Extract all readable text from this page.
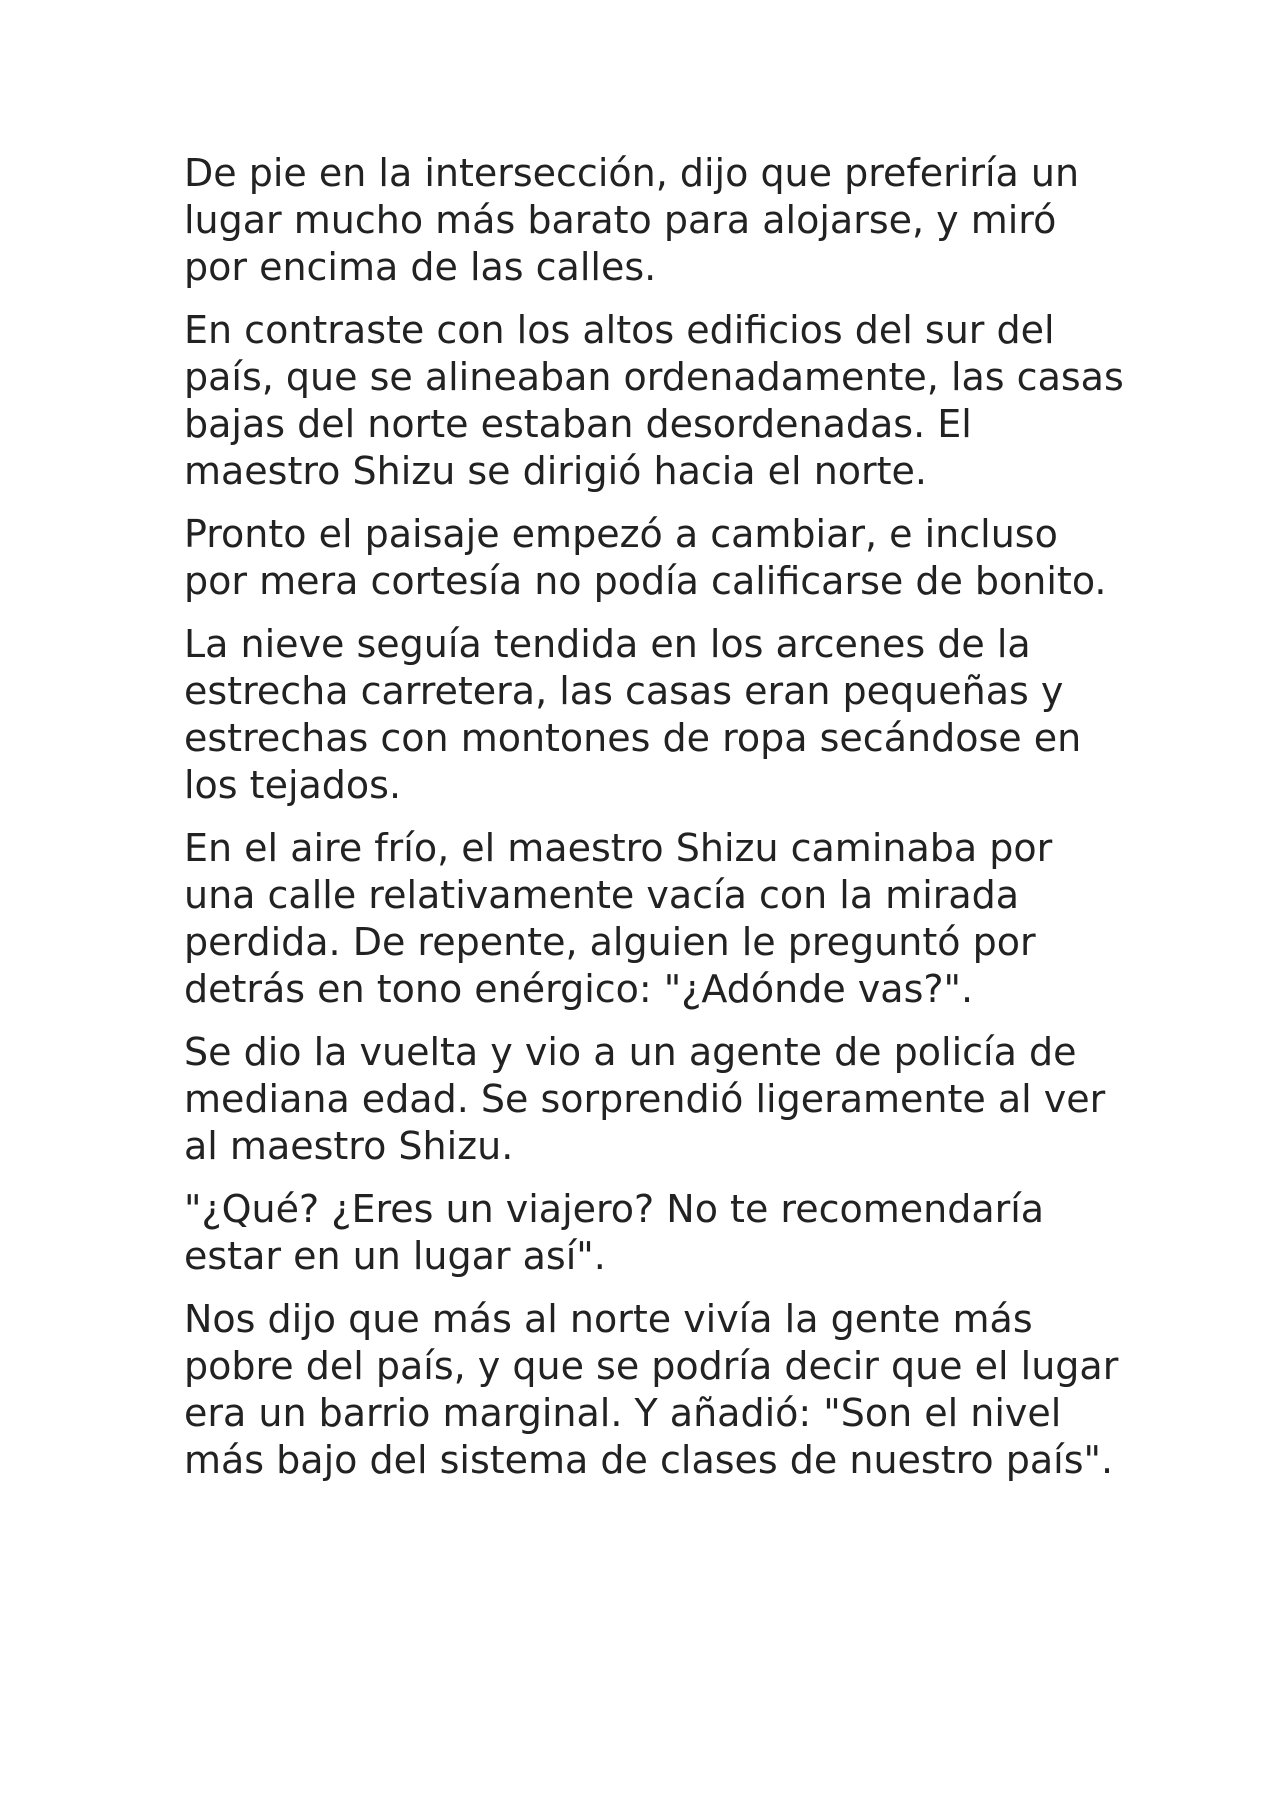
De pie en la intersección, dijo que preferiría un lugar mucho más barato para alojarse, y miró por encima de las calles.

En contraste con los altos edificios del sur del país, que se alineaban ordenadamente, las casas bajas del norte estaban desordenadas. El maestro Shizu se dirigió hacia el norte.

Pronto el paisaje empezó a cambiar, e incluso por mera cortesía no podía calificarse de bonito.

La nieve seguía tendida en los arcenes de la estrecha carretera, las casas eran pequeñas y estrechas con montones de ropa secándose en los tejados.

En el aire frío, el maestro Shizu caminaba por una calle relativamente vacía con la mirada perdida. De repente, alguien le preguntó por detrás en tono enérgico: "¿Adónde vas?".

Se dio la vuelta y vio a un agente de policía de mediana edad. Se sorprendió ligeramente al ver al maestro Shizu.

"¿Qué? ¿Eres un viajero? No te recomendaría estar en un lugar así".

Nos dijo que más al norte vivía la gente más pobre del país, y que se podría decir que el lugar era un barrio marginal. Y añadió: "Son el nivel más bajo del sistema de clases de nuestro país".
